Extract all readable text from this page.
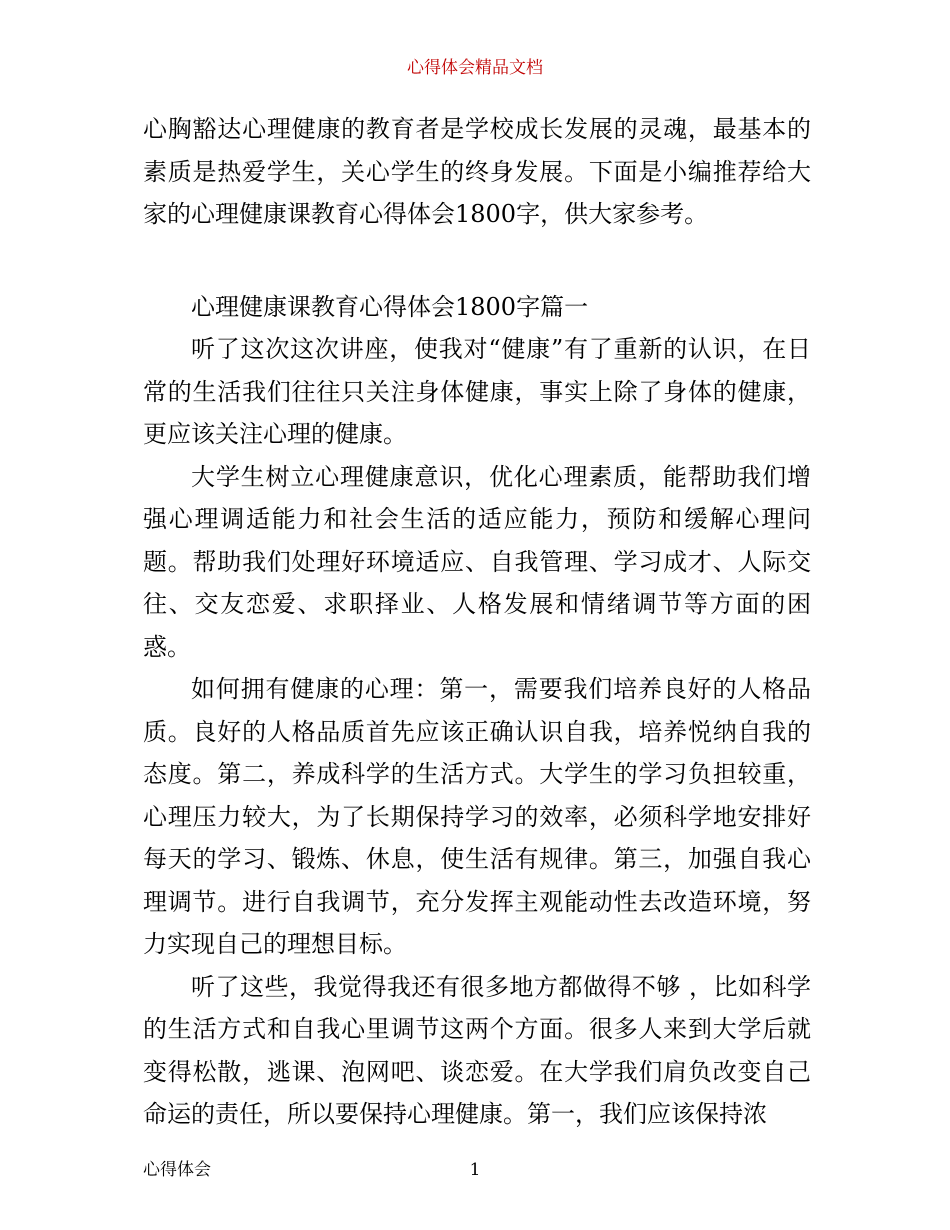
心得体会精品文档

心胸豁达心理健康的教育者是学校成长发展的灵魂，最基本的素质是热爱学生，关心学生的终身发展。下面是小编推荐给大家的心理健康课教育心得体会1800字，供大家参考。

心理健康课教育心得体会1800字篇一

听了这次这次讲座，使我对“健康”有了重新的认识，在日常的生活我们往往只关注身体健康，事实上除了身体的健康，更应该关注心理的健康。

大学生树立心理健康意识，优化心理素质，能帮助我们增强心理调适能力和社会生活的适应能力，预防和缓解心理问题。帮助我们处理好环境适应、自我管理、学习成才、人际交往、交友恋爱、求职择业、人格发展和情绪调节等方面的困惑。

如何拥有健康的心理：第一，需要我们培养良好的人格品质。良好的人格品质首先应该正确认识自我，培养悦纳自我的态度。第二，养成科学的生活方式。大学生的学习负担较重，心理压力较大，为了长期保持学习的效率，必须科学地安排好每天的学习、锻炼、休息，使生活有规律。第三，加强自我心理调节。进行自我调节，充分发挥主观能动性去改造环境，努力实现自己的理想目标。

听了这些，我觉得我还有很多地方都做得不够 ，比如科学的生活方式和自我心里调节这两个方面。很多人来到大学后就变得松散，逃课、泡网吧、谈恋爱。在大学我们肩负改变自己命运的责任，所以要保持心理健康。第一，我们应该保持浓

心得体会	1
